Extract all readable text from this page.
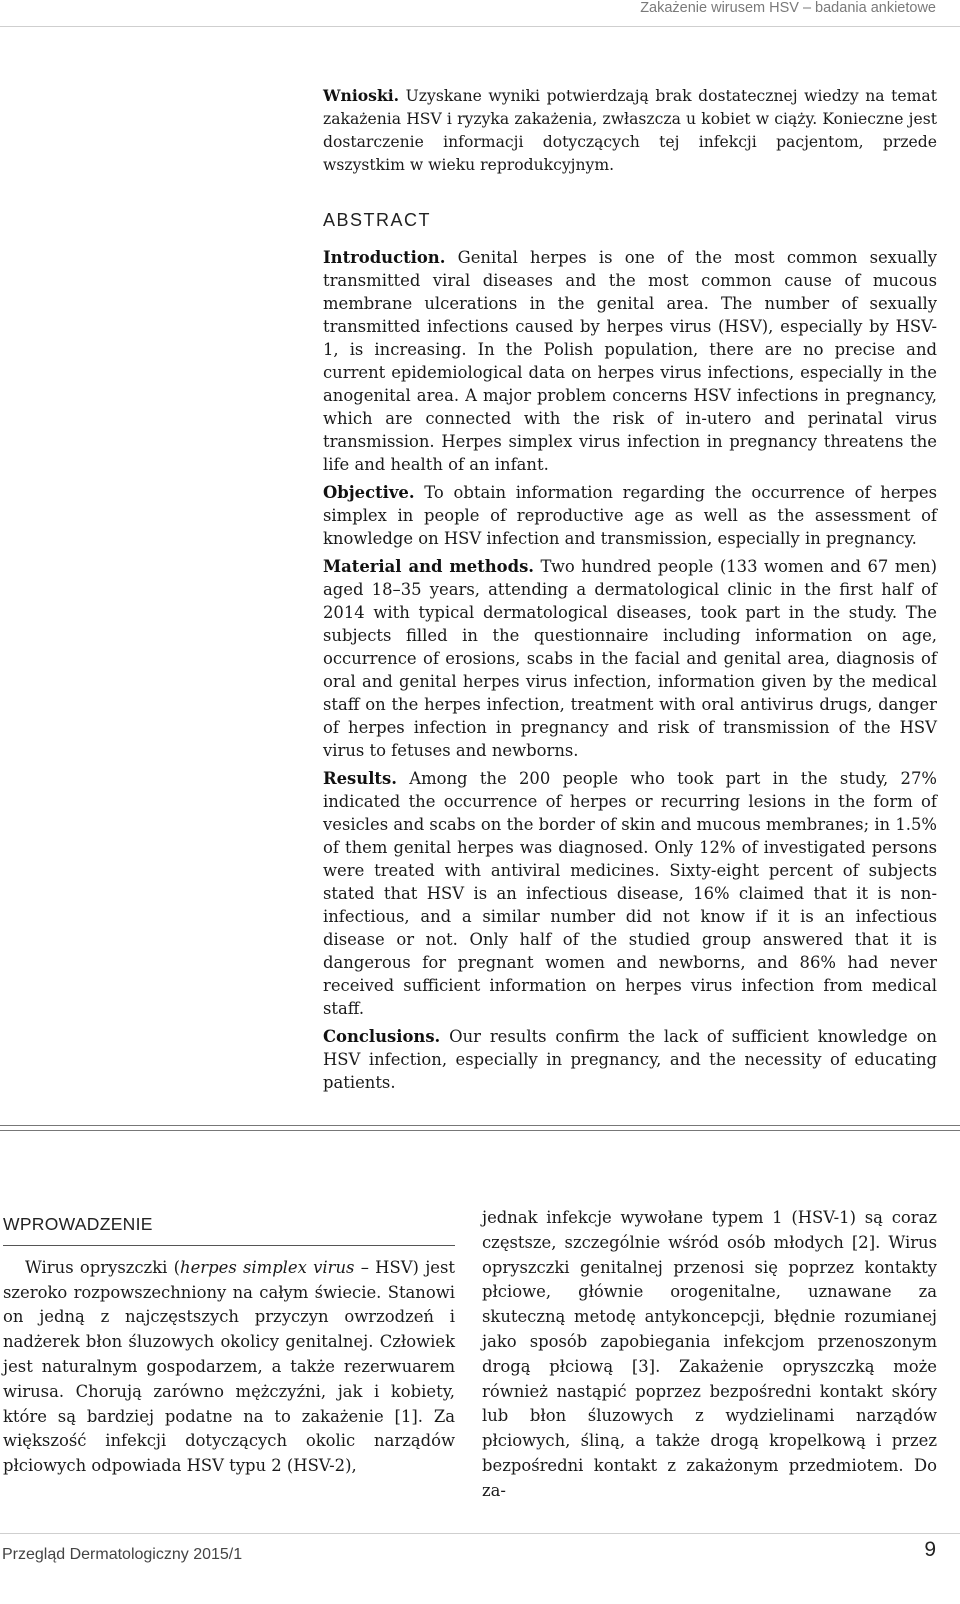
Zakażenie wirusem HSV – badania ankietowe

Wnioski. Uzyskane wyniki potwierdzają brak dostatecznej wiedzy na temat zakażenia HSV i ryzyka zakażenia, zwłaszcza u kobiet w ciąży. Konieczne jest dostarczenie informacji dotyczących tej infekcji pacjentom, przede wszystkim w wieku reprodukcyjnym.

ABSTRACT

Introduction. Genital herpes is one of the most common sexually transmitted viral diseases and the most common cause of mucous membrane ulcerations in the genital area. The number of sexually transmitted infections caused by herpes virus (HSV), especially by HSV-1, is increasing. In the Polish population, there are no precise and current epidemiological data on herpes virus infections, especially in the anogenital area. A major problem concerns HSV infections in pregnancy, which are connected with the risk of in-utero and perinatal virus transmission. Herpes simplex virus infection in pregnancy threatens the life and health of an infant.

Objective. To obtain information regarding the occurrence of herpes simplex in people of reproductive age as well as the assessment of knowledge on HSV infection and transmission, especially in pregnancy.

Material and methods. Two hundred people (133 women and 67 men) aged 18–35 years, attending a dermatological clinic in the first half of 2014 with typical dermatological diseases, took part in the study. The subjects filled in the questionnaire including information on age, occurrence of erosions, scabs in the facial and genital area, diagnosis of oral and genital herpes virus infection, information given by the medical staff on the herpes infection, treatment with oral antivirus drugs, danger of herpes infection in pregnancy and risk of transmission of the HSV virus to fetuses and newborns.

Results. Among the 200 people who took part in the study, 27% indicated the occurrence of herpes or recurring lesions in the form of vesicles and scabs on the border of skin and mucous membranes; in 1.5% of them genital herpes was diagnosed. Only 12% of investigated persons were treated with antiviral medicines. Sixty-eight percent of subjects stated that HSV is an infectious disease, 16% claimed that it is non-infectious, and a similar number did not know if it is an infectious disease or not. Only half of the studied group answered that it is dangerous for pregnant women and newborns, and 86% had never received sufficient information on herpes virus infection from medical staff.

Conclusions. Our results confirm the lack of sufficient knowledge on HSV infection, especially in pregnancy, and the necessity of educating patients.

WPROWADZENIE

Wirus opryszczki (herpes simplex virus – HSV) jest szeroko rozpowszechniony na całym świecie. Stanowi on jedną z najczęstszych przyczyn owrzodzeń i nadżerek błon śluzowych okolicy genitalnej. Człowiek jest naturalnym gospodarzem, a także rezerwuarem wirusa. Chorują zarówno mężczyźni, jak i kobiety, które są bardziej podatne na to zakażenie [1]. Za większość infekcji dotyczących okolic narządów płciowych odpowiada HSV typu 2 (HSV-2),

jednak infekcje wywołane typem 1 (HSV-1) są coraz częstsze, szczególnie wśród osób młodych [2]. Wirus opryszczki genitalnej przenosi się poprzez kontakty płciowe, głównie orogenitalne, uznawane za skuteczną metodę antykoncepcji, błędnie rozumianej jako sposób zapobiegania infekcjom przenoszonym drogą płciową [3]. Zakażenie opryszczką może również nastąpić poprzez bezpośredni kontakt skóry lub błon śluzowych z wydzielinami narządów płciowych, śliną, a także drogą kropelkową i przez bezpośredni kontakt z zakażonym przedmiotem. Do za-

Przegląd Dermatologiczny 2015/1	9
